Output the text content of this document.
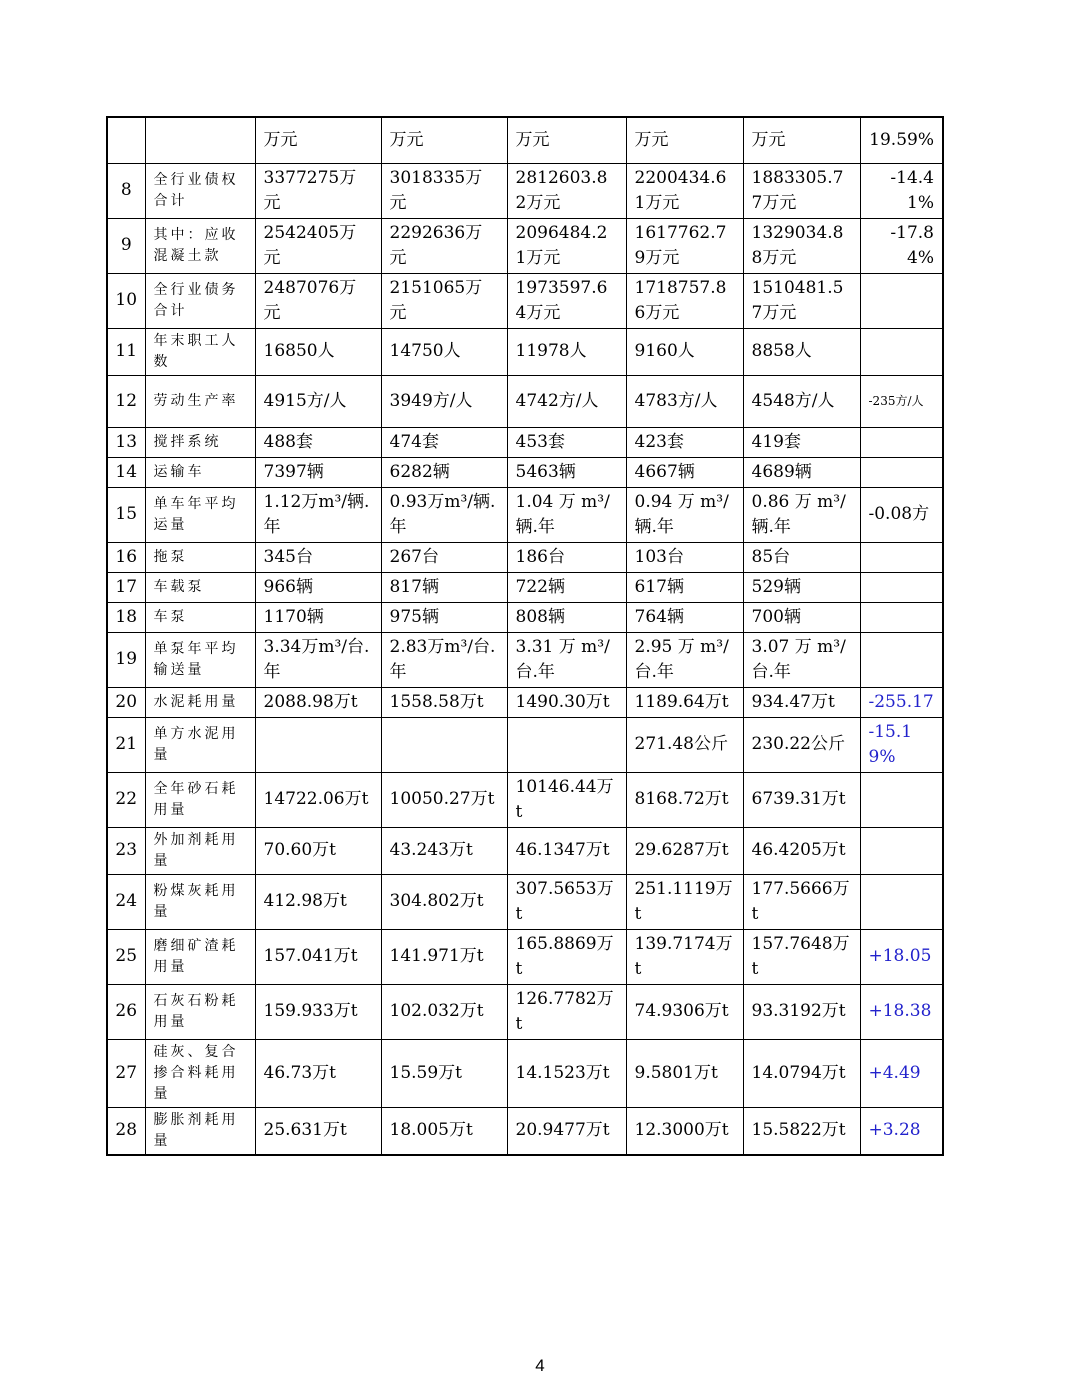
		万元	万元	万元	万元	万元	19.59%
8	全行业债权合计	3377275万元	3018335万元	2812603.82万元	2200434.61万元	1883305.77万元	-14.41%
9	其中：应收混凝土款	2542405万元	2292636万元	2096484.21万元	1617762.79万元	1329034.88万元	-17.84%
10	全行业债务合计	2487076万元	2151065万元	1973597.64万元	1718757.86万元	1510481.57万元	
11	年末职工人数	16850人	14750人	11978人	9160人	8858人	
12	劳动生产率	4915方/人	3949方/人	4742方/人	4783方/人	4548方/人	-235方/人
13	搅拌系统	488套	474套	453套	423套	419套	
14	运输车	7397辆	6282辆	5463辆	4667辆	4689辆	
15	单车年平均运量	1.12万m³/辆.年	0.93万m³/辆.年	1.04 万 m³/辆.年	0.94 万 m³/辆.年	0.86 万 m³/辆.年	-0.08方
16	拖泵	345台	267台	186台	103台	85台	
17	车载泵	966辆	817辆	722辆	617辆	529辆	
18	车泵	1170辆	975辆	808辆	764辆	700辆	
19	单泵年平均输送量	3.34万m³/台.年	2.83万m³/台.年	3.31 万 m³/台.年	2.95 万 m³/台.年	3.07 万 m³/台.年	
20	水泥耗用量	2088.98万t	1558.58万t	1490.30万t	1189.64万t	934.47万t	-255.17
21	单方水泥用量				271.48公斤	230.22公斤	-15.19%
22	全年砂石耗用量	14722.06万t	10050.27万t	10146.44万t	8168.72万t	6739.31万t	
23	外加剂耗用量	70.60万t	43.243万t	46.1347万t	29.6287万t	46.4205万t	
24	粉煤灰耗用量	412.98万t	304.802万t	307.5653万t	251.1119万t	177.5666万t	
25	磨细矿渣耗用量	157.041万t	141.971万t	165.8869万t	139.7174万t	157.7648万t	+18.05
26	石灰石粉耗用量	159.933万t	102.032万t	126.7782万t	74.9306万t	93.3192万t	+18.38
27	硅灰、复合掺合料耗用量	46.73万t	15.59万t	14.1523万t	9.5801万t	14.0794万t	+4.49
28	膨胀剂耗用量	25.631万t	18.005万t	20.9477万t	12.3000万t	15.5822万t	+3.28
4
